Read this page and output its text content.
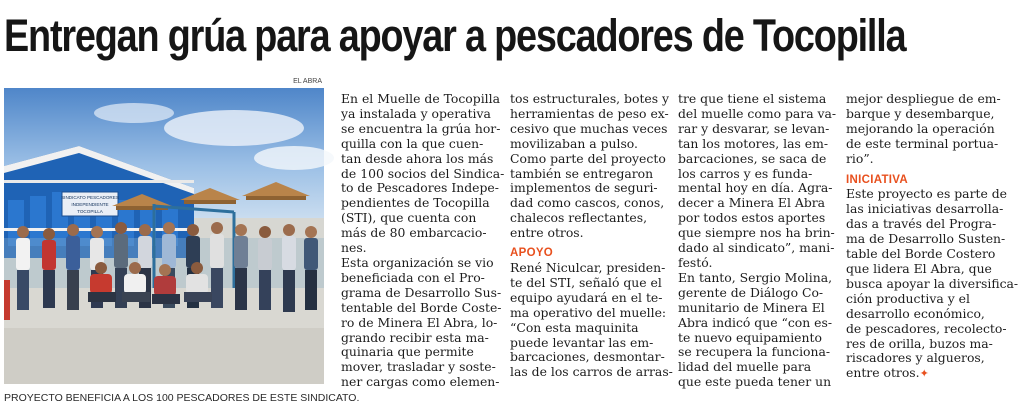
Entregan grúa para apoyar a pescadores de Tocopilla
EL ABRA
SINDICATO PESCADORES
INDEPENDIENTE
TOCOPILLA
PROYECTO BENEFICIA A LOS 100 PESCADORES DE ESTE SINDICATO.
En el Muelle de Tocopilla
ya instalada y operativa
se encuentra la grúa hor-
quilla con la que cuen-
tan desde ahora los más
de 100 socios del Sindica-
to de Pescadores Indepe-
pendientes de Tocopilla
(STI), que cuenta con
más de 80 embarcacio-
nes.
Esta organización se vio
beneficiada con el Pro-
grama de Desarrollo Sus-
tentable del Borde Coste-
ro de Minera El Abra, lo-
grando recibir esta ma-
quinaria que permite
mover, trasladar y soste-
ner cargas como elemen-
tos estructurales, botes y
herramientas de peso ex-
cesivo que muchas veces
movilizaban a pulso.
Como parte del proyecto
también se entregaron
implementos de seguri-
dad como cascos, conos,
chalecos reflectantes,
entre otros.
APOYO
René Niculcar, presiden-
te del STI, señaló que el
equipo ayudará en el te-
ma operativo del muelle:
“Con esta maquinita
puede levantar las em-
barcaciones, desmontar-
las de los carros de arras-
tre que tiene el sistema
del muelle como para va-
rar y desvarar, se levan-
tan los motores, las em-
barcaciones, se saca de
los carros y es funda-
mental hoy en día. Agra-
decer a Minera El Abra
por todos estos aportes
que siempre nos ha brin-
dado al sindicato”, mani-
festó.
En tanto, Sergio Molina,
gerente de Diálogo Co-
munitario de Minera El
Abra indicó que “con es-
te nuevo equipamiento
se recupera la funciona-
lidad del muelle para
que este pueda tener un
mejor despliegue de em-
barque y desembarque,
mejorando la operación
de este terminal portua-
rio”.
INICIATIVA
Este proyecto es parte de
las iniciativas desarrolla-
das a través del Progra-
ma de Desarrollo Susten-
table del Borde Costero
que lidera El Abra, que
busca apoyar la diversifica-
ción productiva y el
desarrollo económico,
de pescadores, recolecto-
res de orilla, buzos ma-
riscadores y algueros,
entre otros.✦
